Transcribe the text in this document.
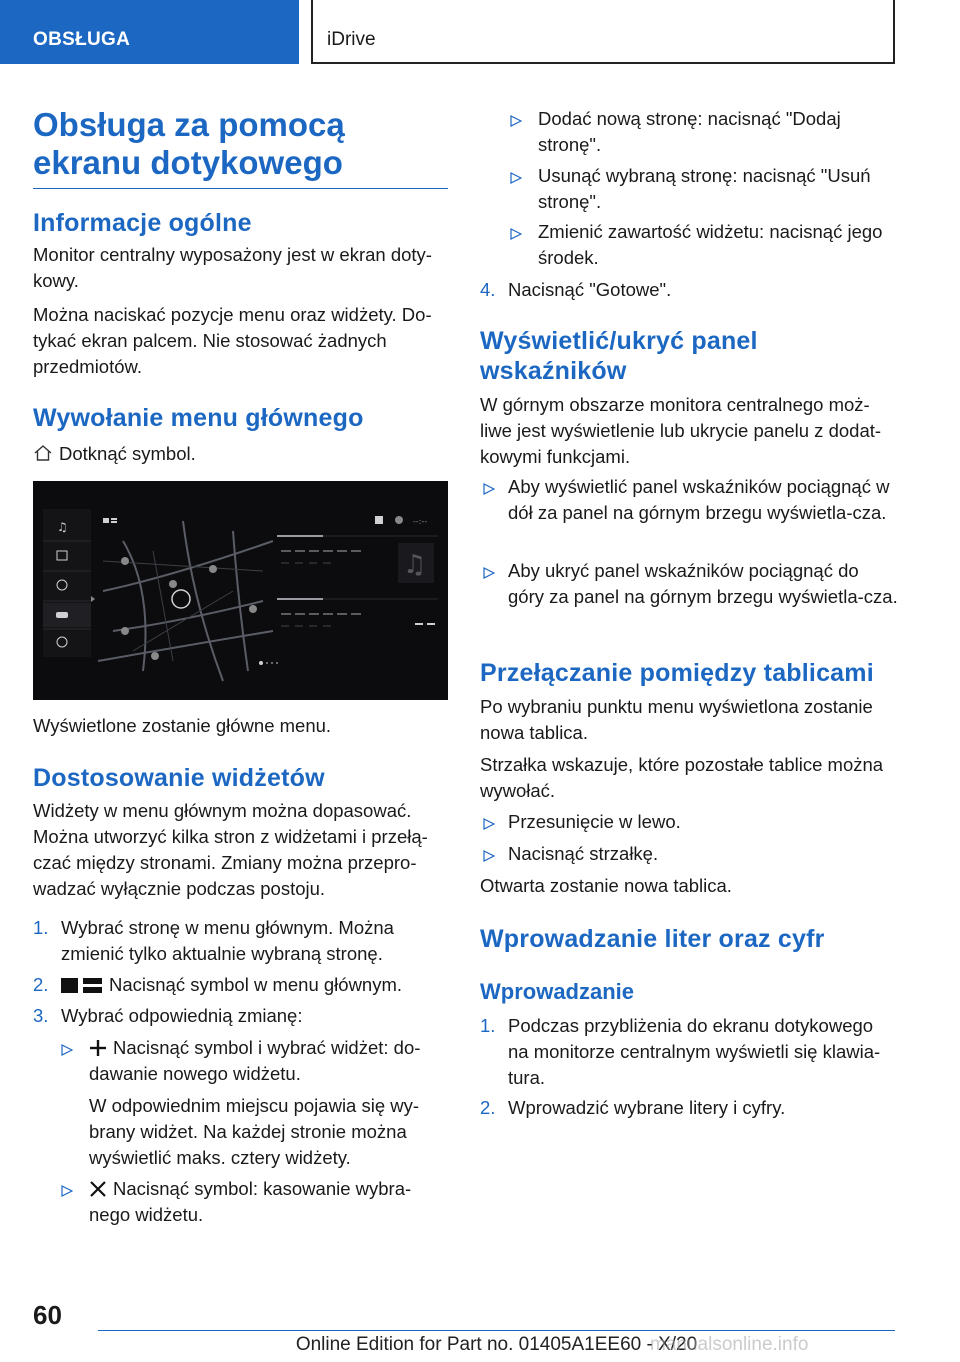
OBSŁUGA	iDrive
Obsługa za pomocą ekranu dotykowego
Informacje ogólne

Monitor centralny wyposażony jest w ekran doty‐kowy.

Można naciskać pozycje menu oraz widżety. Do‐tykać ekran palcem. Nie stosować żadnych przedmiotów.

Wywołanie menu głównego
Dotknąć symbol.
♫	--:--
♫

Wyświetlone zostanie główne menu.

Dostosowanie widżetów

Widżety w menu głównym można dopasować. Można utworzyć kilka stron z widżetami i przełą‐czać między stronami. Zmiany można przepro‐wadzać wyłącznie podczas postoju.

1. Wybrać stronę w menu głównym. Można zmienić tylko aktualnie wybraną stronę.
2.	Nacisnąć symbol w menu głównym.
3. Wybrać odpowiednią zmianę:
Nacisnąć symbol i wybrać widżet: do‐dawanie nowego widżetu.
W odpowiednim miejscu pojawia się wy‐brany widżet. Na każdej stronie można wyświetlić maks. cztery widżety.
Nacisnąć symbol: kasowanie wybra‐nego widżetu.
Dodać nową stronę: nacisnąć "Dodaj stronę".
Usunąć wybraną stronę: nacisnąć "Usuń stronę".
Zmienić zawartość widżetu: nacisnąć jego środek.
4. Nacisnąć "Gotowe".
Wyświetlić/ukryć panel wskaźników

W górnym obszarze monitora centralnego moż‐liwe jest wyświetlenie lub ukrycie panelu z dodat‐kowymi funkcjami.

Aby wyświetlić panel wskaźników pociągnąć w dół za panel na górnym brzegu wyświetla‐cza.
Aby ukryć panel wskaźników pociągnąć do góry za panel na górnym brzegu wyświetla‐cza.
Przełączanie pomiędzy tablicami

Po wybraniu punktu menu wyświetlona zostanie nowa tablica.

Strzałka wskazuje, które pozostałe tablice można wywołać.

Przesunięcie w lewo.
Nacisnąć strzałkę.

Otwarta zostanie nowa tablica.

Wprowadzanie liter oraz cyfr
Wprowadzanie
1. Podczas przybliżenia do ekranu dotykowego na monitorze centralnym wyświetli się klawia‐tura.
2. Wprowadzić wybrane litery i cyfry.
60
Online Edition for Part no. 01405A1EE60 - X/20
manualsonline.info
